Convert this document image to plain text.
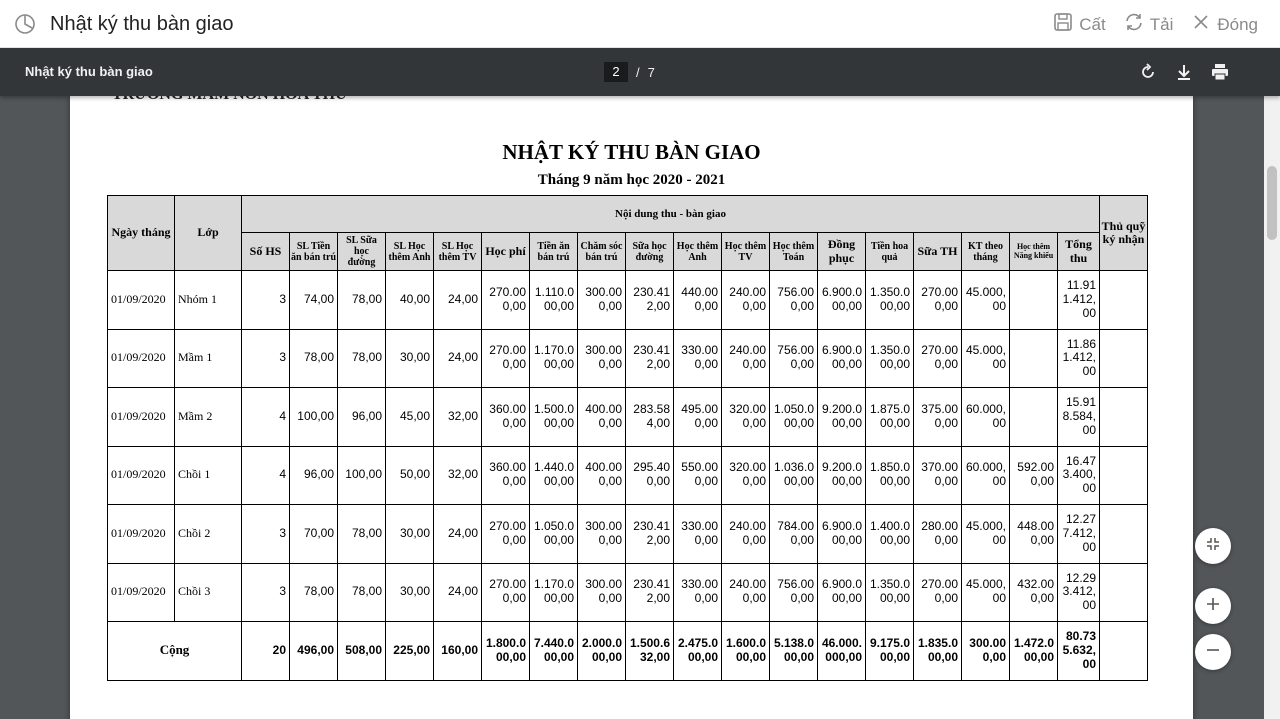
Nhật ký thu bàn giao	Cất	Tải	Đóng
Nhật ký thu bàn giao	2	/ 7
NHẬT KÝ THU BÀN GIAO
Tháng 9 năm học 2020 - 2021
Ngày tháng	Lớp	Nội dung thu - bàn giao																		Thủ quỹ ký nhận
		Số HS	SL Tiền ăn bán trú	SL Sữa học đường	SL Học thêm Anh	SL Học thêm TV	Học phí	Tiền ăn bán trú	Chăm sóc bán trú	Sữa học đường	Học thêm Anh	Học thêm TV	Học thêm Toán	Đồng phục	Tiền hoa quả	Sữa TH	KT theo tháng	Học thêm Năng khiếu	Tổng thu	
01/09/2020	Nhóm 1	3	74,00	78,00	40,00	24,00	270.000,00	1.110.000,00	300.000,00	230.412,00	440.000,00	240.000,00	756.000,00	6.900.000,00	1.350.000,00	270.000,00	45.000,00		11.911.412,00	
01/09/2020	Mầm 1	3	78,00	78,00	30,00	24,00	270.000,00	1.170.000,00	300.000,00	230.412,00	330.000,00	240.000,00	756.000,00	6.900.000,00	1.350.000,00	270.000,00	45.000,00		11.861.412,00	
01/09/2020	Mầm 2	4	100,00	96,00	45,00	32,00	360.000,00	1.500.000,00	400.000,00	283.584,00	495.000,00	320.000,00	1.050.000,00	9.200.000,00	1.875.000,00	375.000,00	60.000,00		15.918.584,00	
01/09/2020	Chồi 1	4	96,00	100,00	50,00	32,00	360.000,00	1.440.000,00	400.000,00	295.400,00	550.000,00	320.000,00	1.036.000,00	9.200.000,00	1.850.000,00	370.000,00	60.000,00	592.000,00	16.473.400,00	
01/09/2020	Chồi 2	3	70,00	78,00	30,00	24,00	270.000,00	1.050.000,00	300.000,00	230.412,00	330.000,00	240.000,00	784.000,00	6.900.000,00	1.400.000,00	280.000,00	45.000,00	448.000,00	12.277.412,00	
01/09/2020	Chồi 3	3	78,00	78,00	30,00	24,00	270.000,00	1.170.000,00	300.000,00	230.412,00	330.000,00	240.000,00	756.000,00	6.900.000,00	1.350.000,00	270.000,00	45.000,00	432.000,00	12.293.412,00	
Cộng		20	496,00	508,00	225,00	160,00	1.800.000,00	7.440.000,00	2.000.000,00	1.500.632,00	2.475.000,00	1.600.000,00	5.138.000,00	46.000.000,00	9.175.000,00	1.835.000,00	300.000,00	1.472.000,00	80.735.632,00	
